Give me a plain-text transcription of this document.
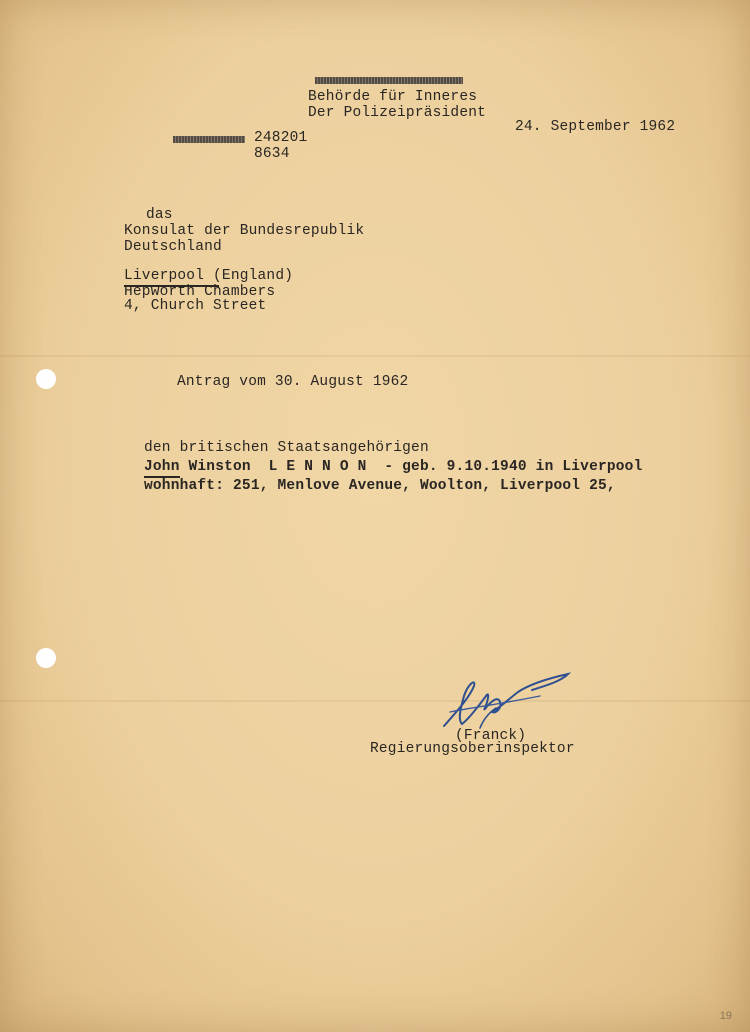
Behörde für Inneres
Der Polizeipräsident
24. September 1962
248201
8634
das
Konsulat der Bundesrepublik
Deutschland
Liverpool (England)
Hepworth Chambers
4, Church Street
Antrag vom 30. August 1962
den britischen Staatsangehörigen
John Winston  L E N N O N  - geb. 9.10.1940 in Liverpool
wohnhaft: 251, Menlove Avenue, Woolton, Liverpool 25,
(Franck)
Regierungsoberinspektor
19
